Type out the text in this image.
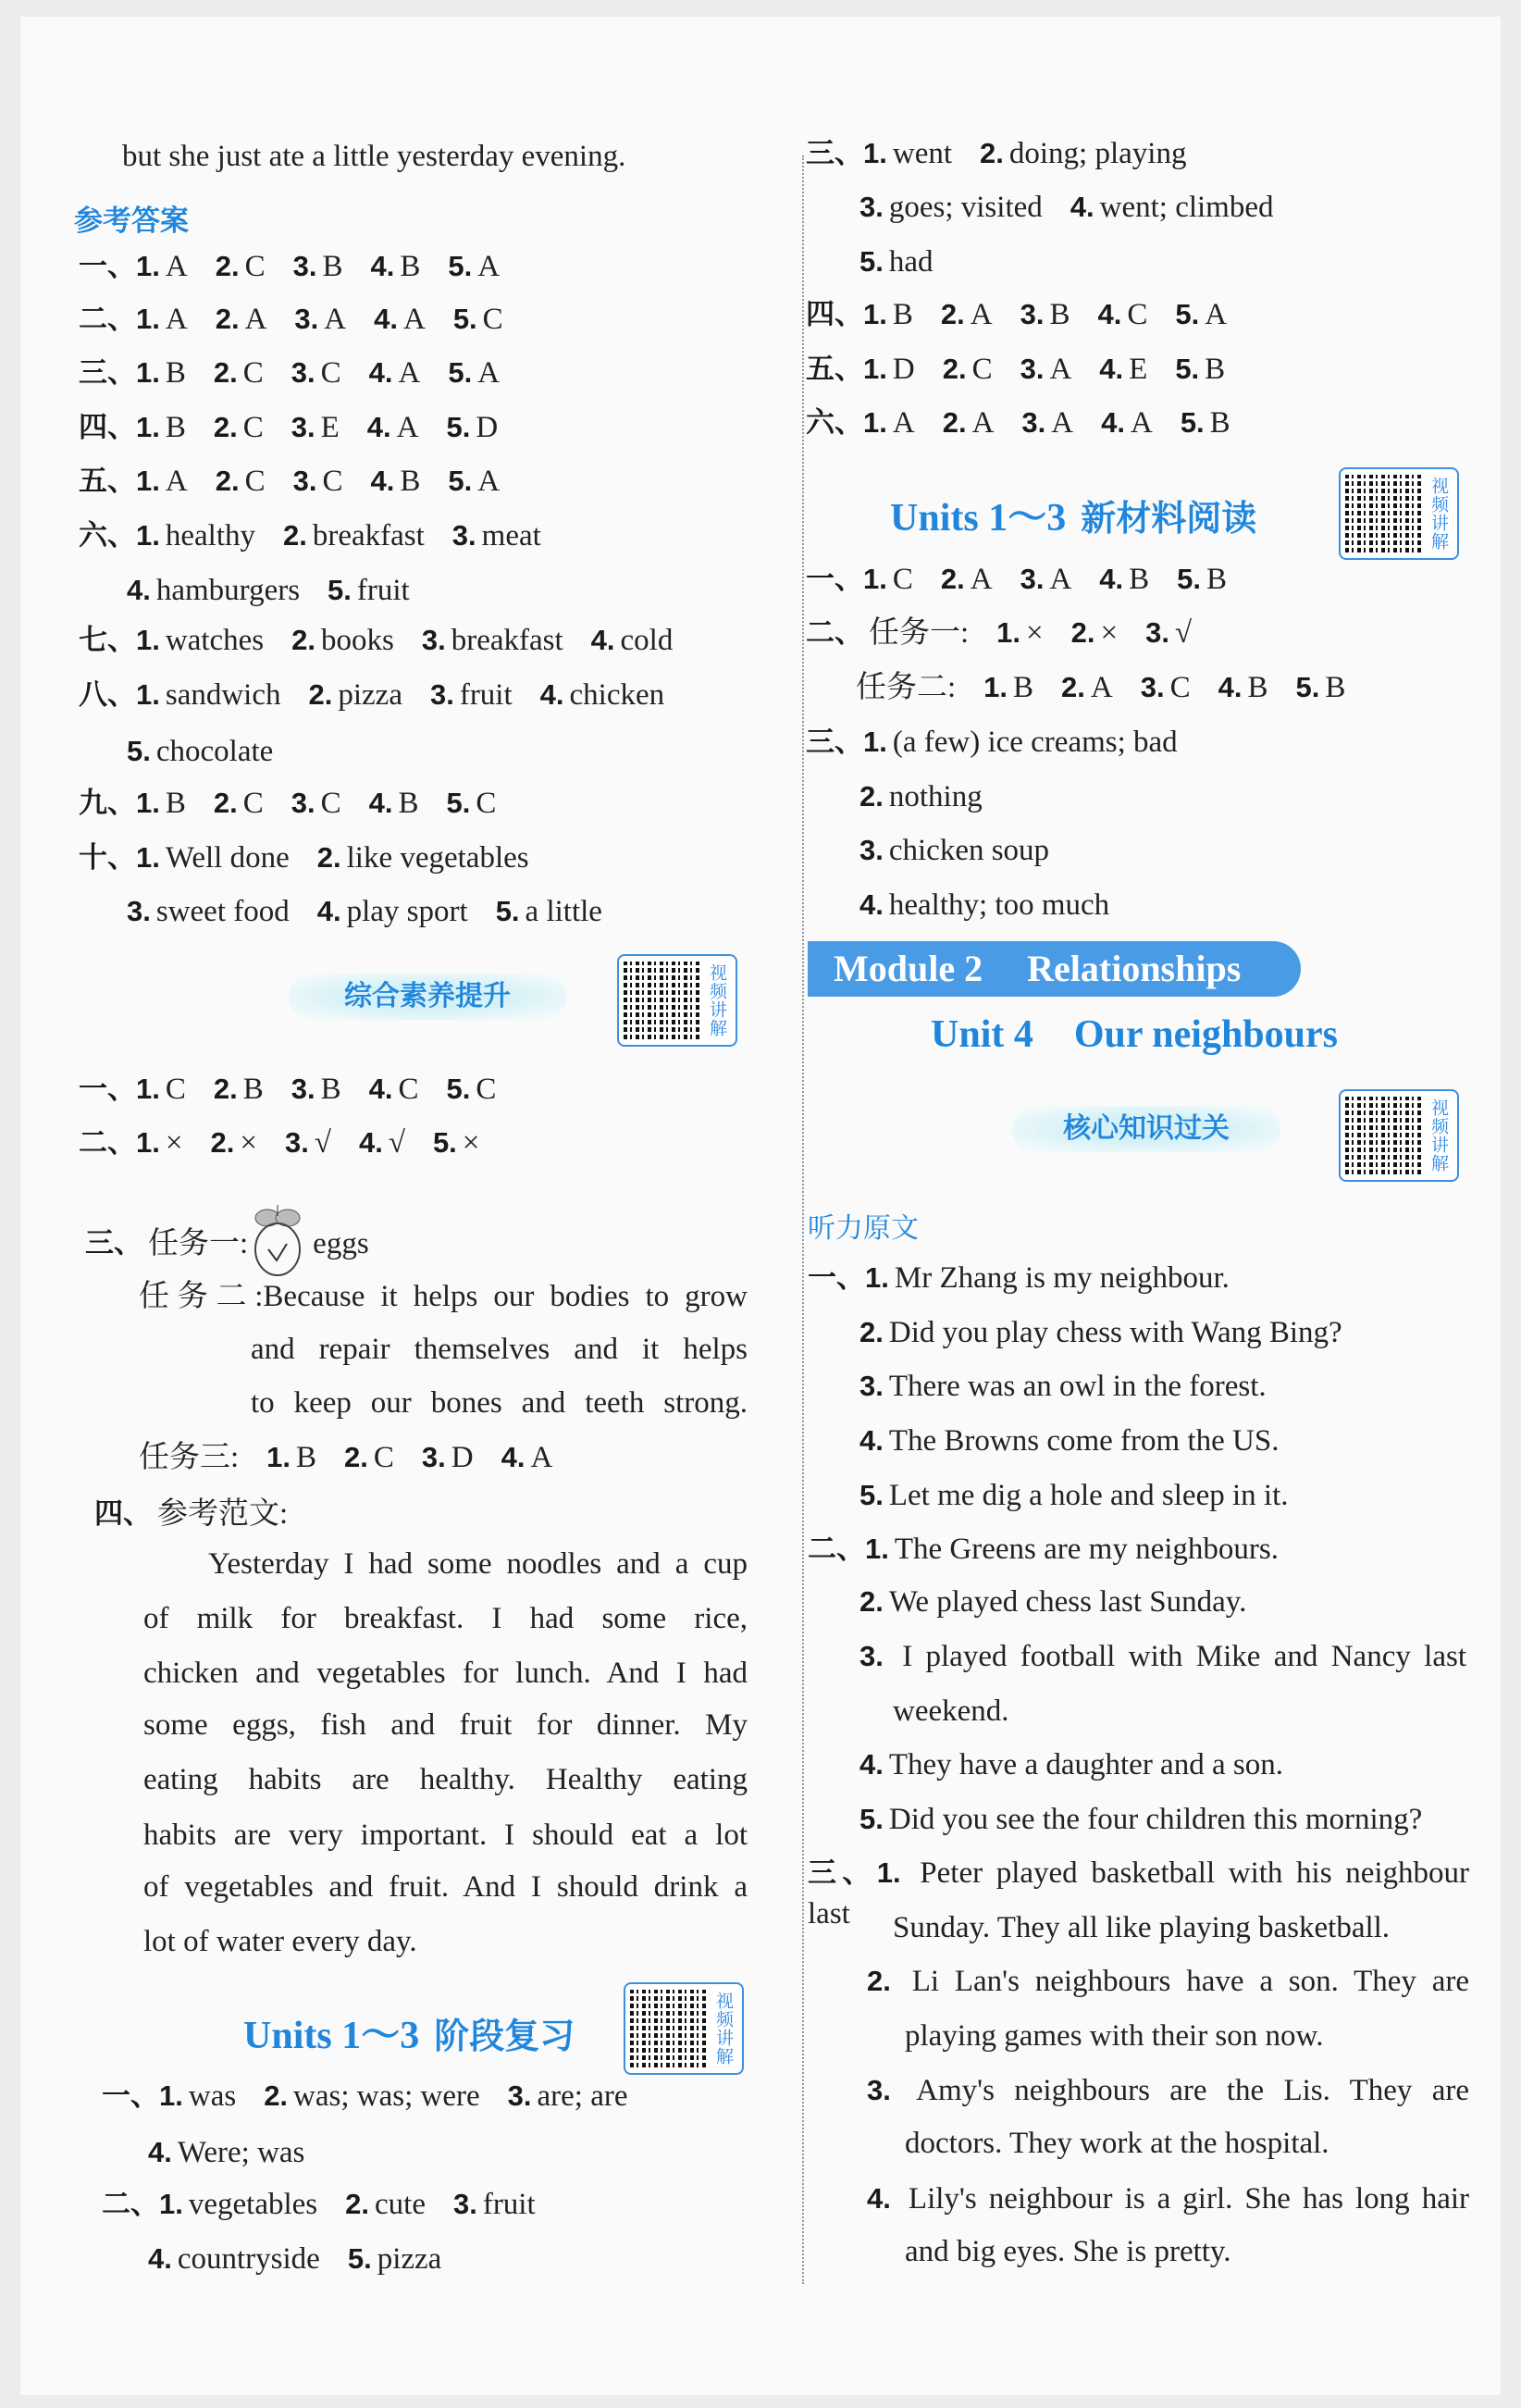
but she just ate a little yesterday evening.
一、1. A 2. C 3. B 4. B 5. A
二、1. A 2. A 3. A 4. A 5. C
三、1. B 2. C 3. C 4. A 5. A
四、1. B 2. C 3. E 4. A 5. D
五、1. A 2. C 3. C 4. B 5. A
六、1. healthy 2. breakfast 3. meat
4. hamburgers 5. fruit
七、1. watches 2. books 3. breakfast 4. cold
八、1. sandwich 2. pizza 3. fruit 4. chicken
5. chocolate
九、1. B 2. C 3. C 4. B 5. C
十、1. Well done 2. like vegetables
3. sweet food 4. play sport 5. a little
一、1. C 2. B 3. B 4. C 5. C
二、1. × 2. × 3. √ 4. √ 5. ×
三、 任务一: eggs
任务二:Because it helps our bodies to grow
and repair themselves and it helps
to keep our bones and teeth strong.
任务三: 1. B 2. C 3. D 4. A
四、 参考范文:
Yesterday I had some noodles and a cup
of milk for breakfast. I had some rice,
chicken and vegetables for lunch. And I had
some eggs, fish and fruit for dinner. My
eating habits are healthy. Healthy eating
habits are very important. I should eat a lot
of vegetables and fruit. And I should drink a
lot of water every day.
一、1. was 2. was; was; were 3. are; are
4. Were; was
二、1. vegetables 2. cute 3. fruit
4. countryside 5. pizza
三、1. went 2. doing; playing
3. goes; visited 4. went; climbed
5. had
四、1. B 2. A 3. B 4. C 5. A
五、1. D 2. C 3. A 4. E 5. B
六、1. A 2. A 3. A 4. A 5. B
一、1. C 2. A 3. A 4. B 5. B
二、 任务一: 1. × 2. × 3. √
任务二: 1. B 2. A 3. C 4. B 5. B
三、1. (a few) ice creams; bad
2. nothing
3. chicken soup
4. healthy; too much
一、1. Mr Zhang is my neighbour.
2. Did you play chess with Wang Bing?
3. There was an owl in the forest.
4. The Browns come from the US.
5. Let me dig a hole and sleep in it.
二、1. The Greens are my neighbours.
2. We played chess last Sunday.
3. I played football with Mike and Nancy last
weekend.
4. They have a daughter and a son.
5. Did you see the four children this morning?
三、1. Peter played basketball with his neighbour last	Sunday. They all like playing basketball.
2. Li Lan's neighbours have a son. They are
playing games with their son now.
3. Amy's neighbours are the Lis. They are
doctors. They work at the hospital.
4. Lily's neighbour is a girl. She has long hair
and big eyes. She is pretty.
参考答案
综合素养提升	视频讲解
Units 1～3 阶段复习	视频讲解
Units 1～3 新材料阅读	视频讲解
Module 2 Relationships
Unit 4 Our neighbours
核心知识过关	视频讲解
听力原文
